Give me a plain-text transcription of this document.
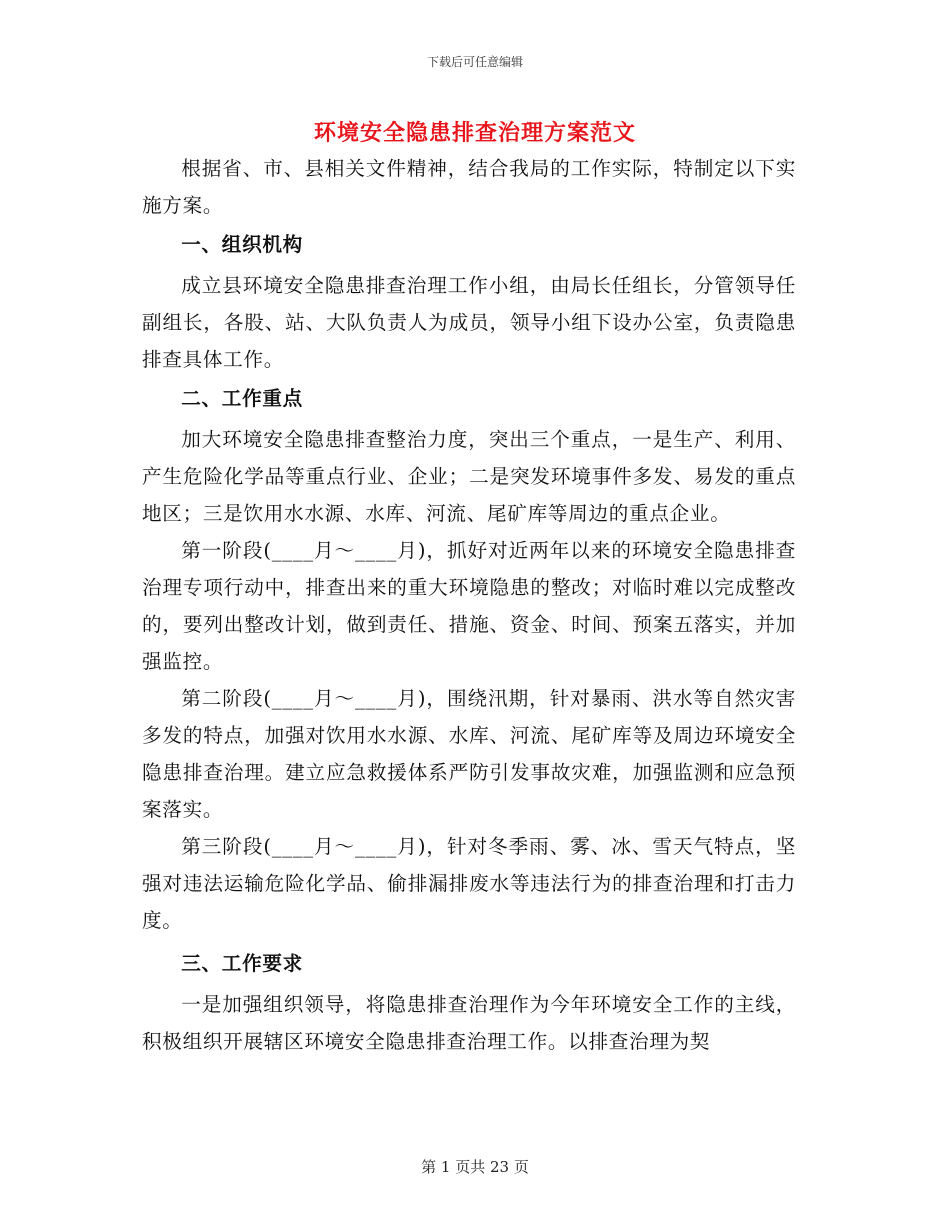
下载后可任意编辑
环境安全隐患排查治理方案范文

根据省、市、县相关文件精神，结合我局的工作实际，特制定以下实施方案。

一、组织机构

成立县环境安全隐患排查治理工作小组，由局长任组长，分管领导任副组长，各股、站、大队负责人为成员，领导小组下设办公室，负责隐患排查具体工作。

二、工作重点

加大环境安全隐患排查整治力度，突出三个重点，一是生产、利用、产生危险化学品等重点行业、企业；二是突发环境事件多发、易发的重点地区；三是饮用水水源、水库、河流、尾矿库等周边的重点企业。

第一阶段(____月～____月)，抓好对近两年以来的环境安全隐患排查治理专项行动中，排查出来的重大环境隐患的整改；对临时难以完成整改的，要列出整改计划，做到责任、措施、资金、时间、预案五落实，并加强监控。

第二阶段(____月～____月)，围绕汛期，针对暴雨、洪水等自然灾害多发的特点，加强对饮用水水源、水库、河流、尾矿库等及周边环境安全隐患排查治理。建立应急救援体系严防引发事故灾难，加强监测和应急预案落实。

第三阶段(____月～____月)，针对冬季雨、雾、冰、雪天气特点，坚强对违法运输危险化学品、偷排漏排废水等违法行为的排查治理和打击力度。

三、工作要求

一是加强组织领导，将隐患排查治理作为今年环境安全工作的主线，积极组织开展辖区环境安全隐患排查治理工作。以排查治理为契

第 1 页共 23 页
